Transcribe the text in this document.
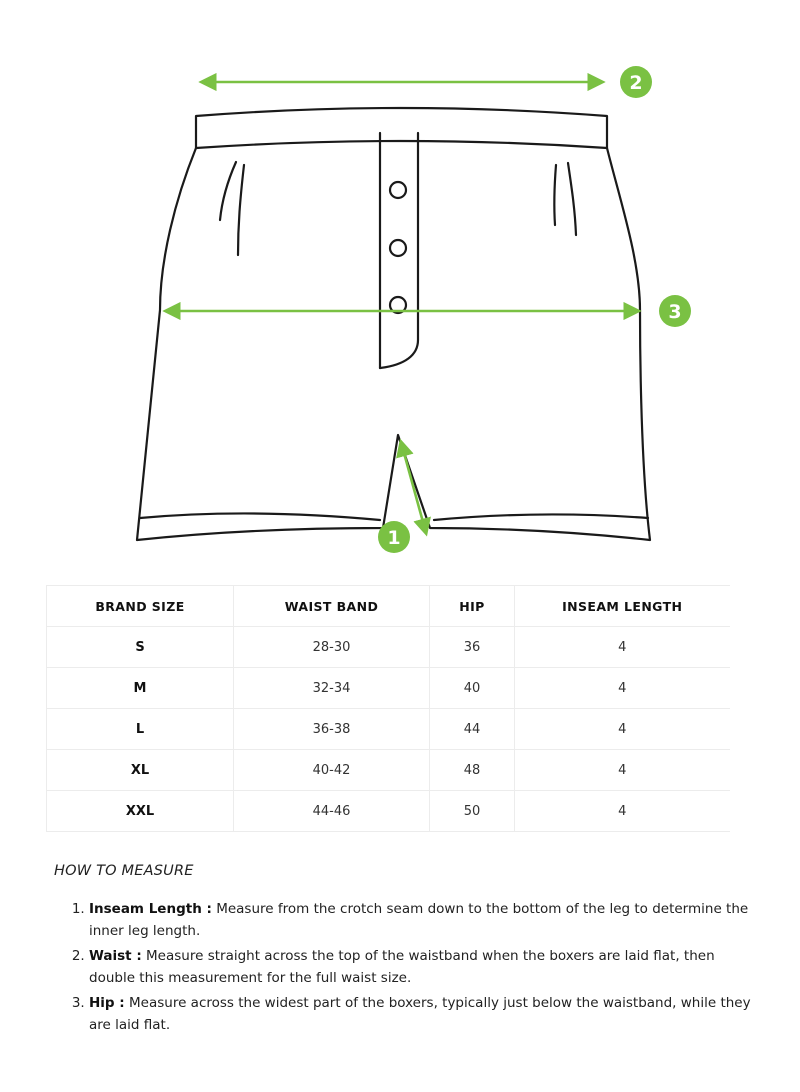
2
3
1
BRAND SIZE	WAIST BAND	HIP	INSEAM LENGTH
S	28-30	36	4
M	32-34	40	4
L	36-38	44	4
XL	40-42	48	4
XXL	44-46	50	4
HOW TO MEASURE
1. Inseam Length : Measure from the crotch seam down to the bottom of the leg to determine the inner leg length.
2. Waist : Measure straight across the top of the waistband when the boxers are laid flat, then double this measurement for the full waist size.
3. Hip : Measure across the widest part of the boxers, typically just below the waistband, while they are laid flat.
